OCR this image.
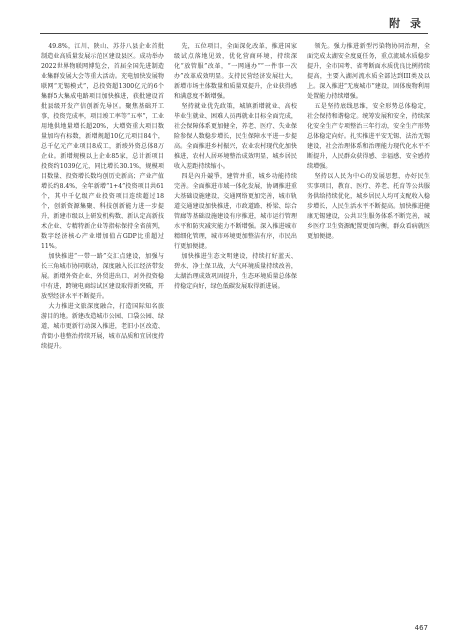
附 录

49.8%，江川、陕山、苏芬八县企业首批制造业高质量发展示范区建设县区。成功举办2022世界物联网博览会，首届全国先进制造业集群发展大会等重大活动。充电加快发展物联网“无锡模式”，总投资超1300亿元的6个集群5大集成电路项目加快推进，获批建设首批县级开发产信创新先导区。聚焦基础开工事，投资完成率，项目竣工率等“五率”，工业用地供地量增长超20%，大增资重大项目数量加均有标数，新增规超10亿元项目84个，总千亿元产业项目8成工，新竣外资总体8万企业。新增规模以上企业85家，总计新项目投资约1039亿元，同比增长30.1%，规模项目数量、投资增长数均创历史新高；产业产值增长约8.4%，全年新增“1+4”投资项目共61个，其中千亿级产业投资项目连续超过18个，创新资源集聚、科技创新能力进一步提升，新建市级以上研发机构数、新认定高新技术企业、专精特新企业等指标保持全省前列，数字经济核心产业增加值占GDP比重超过11%。

加快推进“一带一路”交汇点建设，加强与长三角城市协同联动，深度融入长江经济带发展。新增外资企业、外贸进出口、对外投资稳中有进，跨境电商综试区建设取得新突破，开放型经济水平不断提升。

大力推进文旅深度融合，打造国际知名旅游目的地。新建改造城市公园、口袋公园、绿道，城市更新行动深入推进，老旧小区改造、背街小巷整治持续开展，城市品质和宜居度持续提升。

先，五位项目，全面深化改革，推进国家级试点落地见效，优化营商环境，持续深化“放管服”改革，“一网通办”“一件事一次办”改革成效明显。支持民营经济发展壮大，新增市场主体数量和质量双提升，企业获得感和满意度不断增强。

坚持就业优先政策，城镇新增就业、高校毕业生就业、困难人员再就业目标全面完成，社会保障体系更加健全，养老、医疗、失业保险参保人数稳步增长，民生保障水平进一步提高。全面推进乡村振兴，农业农村现代化加快推进，农村人居环境整治成效明显，城乡居民收入差距持续缩小。

四是內升競爭，建管并重，城乡功能持续完善。全面推进市域一体化发展，协调推进重大基础设施建设，交通网络更加完善，城市轨道交通建设加快推进，市政道路、桥梁、综合管廊等基础设施建设有序推进，城市运行管理水平和防灾减灾能力不断增强。深入推进城市精细化管理，城市环境更加整洁有序，市民出行更加便捷。

加快推进生态文明建设，持续打好蓝天、碧水、净土保卫战，大气环境质量持续改善，太湖治理成效巩固提升，生态环境质量总体保持稳定向好，绿色低碳发展取得新进展。

领先。强力推进新型污染物协同治理，全面完成太湖安全度夏任务，重点流域水质稳步提升，全市国考、省考断面水质优良比例持续提高，主要入湖河流水质全部达到III类及以上。深入推进“无废城市”建设，固体废物利用处置能力持续增强。

五是坚持底线思维，安全形势总体稳定，社会保持和谐稳定。统筹发展和安全，持续深化安全生产专项整治三年行动，安全生产形势总体稳定向好。扎实推进平安无锡、法治无锡建设，社会治理体系和治理能力现代化水平不断提升，人民群众获得感、幸福感、安全感持续增强。

坚持以人民为中心的发展思想，办好民生实事项目，教育、医疗、养老、托育等公共服务供给持续优化，城乡居民人均可支配收入稳步增长，人民生活水平不断提高。加快推进健康无锡建设，公共卫生服务体系不断完善，城乡医疗卫生资源配置更加均衡，群众看病就医更加便捷。

467
